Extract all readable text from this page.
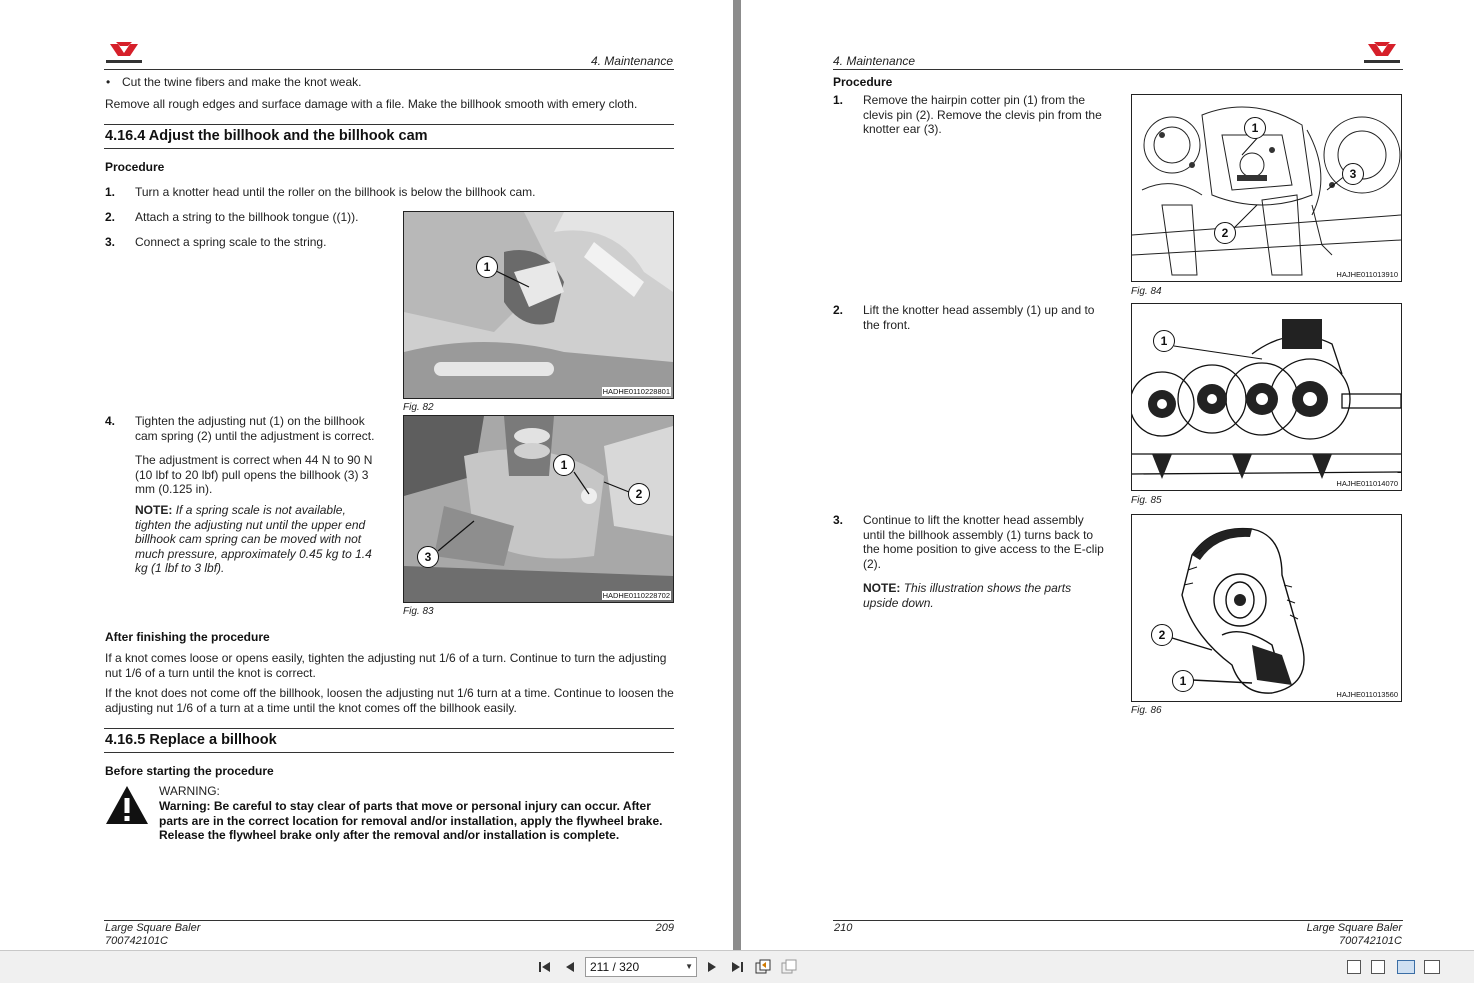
4. Maintenance
• Cut the twine fibers and make the knot weak.
Remove all rough edges and surface damage with a file. Make the billhook smooth with emery cloth.
4.16.4 Adjust the billhook and the billhook cam
Procedure
1. Turn a knotter head until the roller on the billhook is below the billhook cam.
2. Attach a string to the billhook tongue ((1)).
3. Connect a spring scale to the string.
1
HADHE0110228801
Fig. 82
4. Tighten the adjusting nut (1) on the billhook cam spring (2) until the adjustment is correct.
The adjustment is correct when 44 N to 90 N (10 lbf to 20 lbf) pull opens the billhook (3) 3 mm (0.125 in).
NOTE: If a spring scale is not available, tighten the adjusting nut until the upper end billhook cam spring can be moved with not much pressure, approximately 0.45 kg to 1.4 kg (1 lbf to 3 lbf).
1
2
3
HADHE0110228702
Fig. 83
After finishing the procedure
If a knot comes loose or opens easily, tighten the adjusting nut 1/6 of a turn. Continue to turn the adjusting nut 1/6 of a turn until the knot is correct.
If the knot does not come off the billhook, loosen the adjusting nut 1/6 turn at a time. Continue to loosen the adjusting nut 1/6 of a turn at a time until the knot comes off the billhook easily.
4.16.5 Replace a billhook
Before starting the procedure
WARNING:
Warning: Be careful to stay clear of parts that move or personal injury can occur. After parts are in the correct location for removal and/or installation, apply the flywheel brake. Release the flywheel brake only after the removal and/or installation is complete.
Large Square Baler
700742101C
209
4. Maintenance
Procedure
1. Remove the hairpin cotter pin (1) from the clevis pin (2). Remove the clevis pin from the knotter ear (3).	1
2
3
HAJHE011013910
Fig. 84
2. Lift the knotter head assembly (1) up and to the front.
1
HAJHE011014070
Fig. 85
3. Continue to lift the knotter head assembly until the billhook assembly (1) turns back to the home position to give access to the E-clip (2).
NOTE: This illustration shows the parts upside down.
2
1
HAJHE011013560
Fig. 86
210	Large Square Baler
700742101C
211 / 320	▼
